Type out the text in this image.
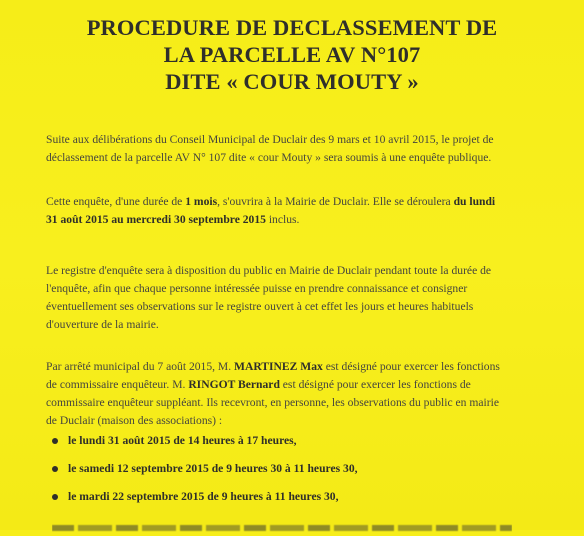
PROCEDURE DE DECLASSEMENT DE
LA PARCELLE AV N°107
DITE « COUR MOUTY »
Suite aux délibérations du Conseil Municipal de Duclair des 9 mars et 10 avril 2015, le projet de
déclassement de la parcelle AV N° 107 dite « cour Mouty » sera soumis à une enquête publique.
Cette enquête, d'une durée de 1 mois, s'ouvrira à la Mairie de Duclair. Elle se déroulera du lundi
31 août 2015 au mercredi 30 septembre 2015 inclus.
Le registre d'enquête sera à disposition du public en Mairie de Duclair pendant toute la durée de
l'enquête, afin que chaque personne intéressée puisse en prendre connaissance et consigner
éventuellement ses observations sur le registre ouvert à cet effet les jours et heures habituels
d'ouverture de la mairie.
Par arrêté municipal du 7 août 2015, M. MARTINEZ Max est désigné pour exercer les fonctions
de commissaire enquêteur. M. RINGOT Bernard est désigné pour exercer les fonctions de
commissaire enquêteur suppléant. Ils recevront, en personne, les observations du public en mairie
de Duclair (maison des associations) :
le lundi 31 août 2015 de 14 heures à 17 heures,
le samedi 12 septembre 2015 de 9 heures 30 à 11 heures 30,
le mardi 22 septembre 2015 de 9 heures à 11 heures 30,
